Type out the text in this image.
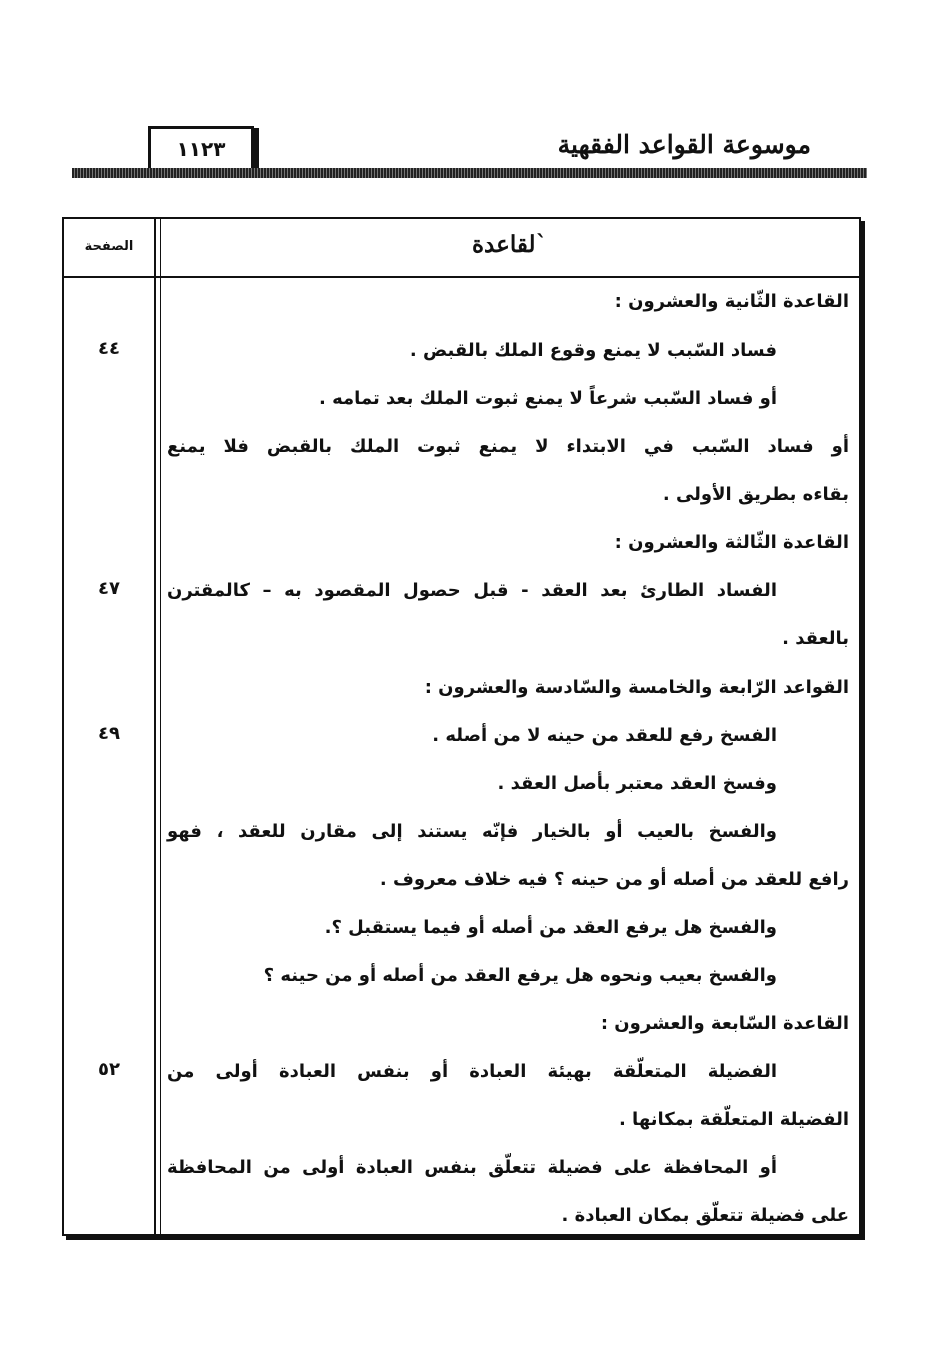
موسوعة القواعد الفقهية
١١٢٣
الصفحة	`لقاعدة
القاعدة الثّانية والعشرون :
فساد السّبب لا يمنع وقوع الملك بالقبض .
أو فساد السّبب شرعاً لا يمنع ثبوت الملك بعد تمامه .
أو فساد السّبب في الابتداء لا يمنع ثبوت الملك بالقبض فلا يمنع
بقاءه بطريق الأولى .
القاعدة الثّالثة والعشرون :
الفساد الطارئ بعد العقد - قبل حصول المقصود به – كالمقترن
بالعقد .
القواعد الرّابعة والخامسة والسّادسة والعشرون :
الفسخ رفع للعقد من حينه لا من أصله .
وفسخ العقد معتبر بأصل العقد .
والفسخ بالعيب أو بالخيار فإنّه يستند إلى مقارن للعقد ، فهو
رافع للعقد من أصله أو من حينه ؟ فيه خلاف معروف .
والفسخ هل يرفع العقد من أصله أو فيما يستقبل ؟.
والفسخ بعيب ونحوه هل يرفع العقد من أصله أو من حينه ؟
القاعدة السّابعة والعشرون :
الفضيلة المتعلّقة بهيئة العبادة أو بنفس العبادة أولى من
الفضيلة المتعلّقة بمكانها .
أو المحافظة على فضيلة تتعلّق بنفس العبادة أولى من المحافظة
على فضيلة تتعلّق بمكان العبادة .
٤٤
٤٧
٤٩
٥٢
